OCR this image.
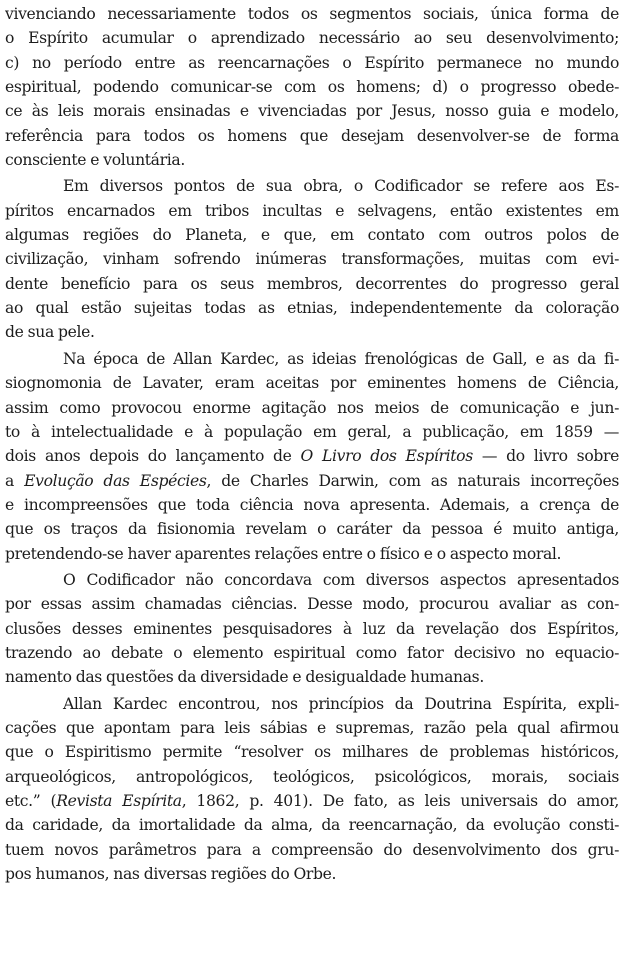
vivenciando necessariamente todos os segmentos sociais, única forma de
o Espírito acumular o aprendizado necessário ao seu desenvolvimento;
c) no período entre as reencarnações o Espírito permanece no mundo
espiritual, podendo comunicar-se com os homens; d) o progresso obede-
ce às leis morais ensinadas e vivenciadas por Jesus, nosso guia e modelo,
referência para todos os homens que desejam desenvolver-se de forma
consciente e voluntária.
Em diversos pontos de sua obra, o Codificador se refere aos Es-
píritos encarnados em tribos incultas e selvagens, então existentes em
algumas regiões do Planeta, e que, em contato com outros polos de
civilização, vinham sofrendo inúmeras transformações, muitas com evi-
dente benefício para os seus membros, decorrentes do progresso geral
ao qual estão sujeitas todas as etnias, independentemente da coloração
de sua pele.
Na época de Allan Kardec, as ideias frenológicas de Gall, e as da fi-
siognomonia de Lavater, eram aceitas por eminentes homens de Ciência,
assim como provocou enorme agitação nos meios de comunicação e jun-
to à intelectualidade e à população em geral, a publicação, em 1859 —
dois anos depois do lançamento de O Livro dos Espíritos — do livro sobre
a Evolução das Espécies, de Charles Darwin, com as naturais incorreções
e incompreensões que toda ciência nova apresenta. Ademais, a crença de
que os traços da fisionomia revelam o caráter da pessoa é muito antiga,
pretendendo-se haver aparentes relações entre o físico e o aspecto moral.
O Codificador não concordava com diversos aspectos apresentados
por essas assim chamadas ciências. Desse modo, procurou avaliar as con-
clusões desses eminentes pesquisadores à luz da revelação dos Espíritos,
trazendo ao debate o elemento espiritual como fator decisivo no equacio-
namento das questões da diversidade e desigualdade humanas.
Allan Kardec encontrou, nos princípios da Doutrina Espírita, expli-
cações que apontam para leis sábias e supremas, razão pela qual afirmou
que o Espiritismo permite “resolver os milhares de problemas históricos,
arqueológicos, antropológicos, teológicos, psicológicos, morais, sociais
etc.” (Revista Espírita, 1862, p. 401). De fato, as leis universais do amor,
da caridade, da imortalidade da alma, da reencarnação, da evolução consti-
tuem novos parâmetros para a compreensão do desenvolvimento dos gru-
pos humanos, nas diversas regiões do Orbe.
